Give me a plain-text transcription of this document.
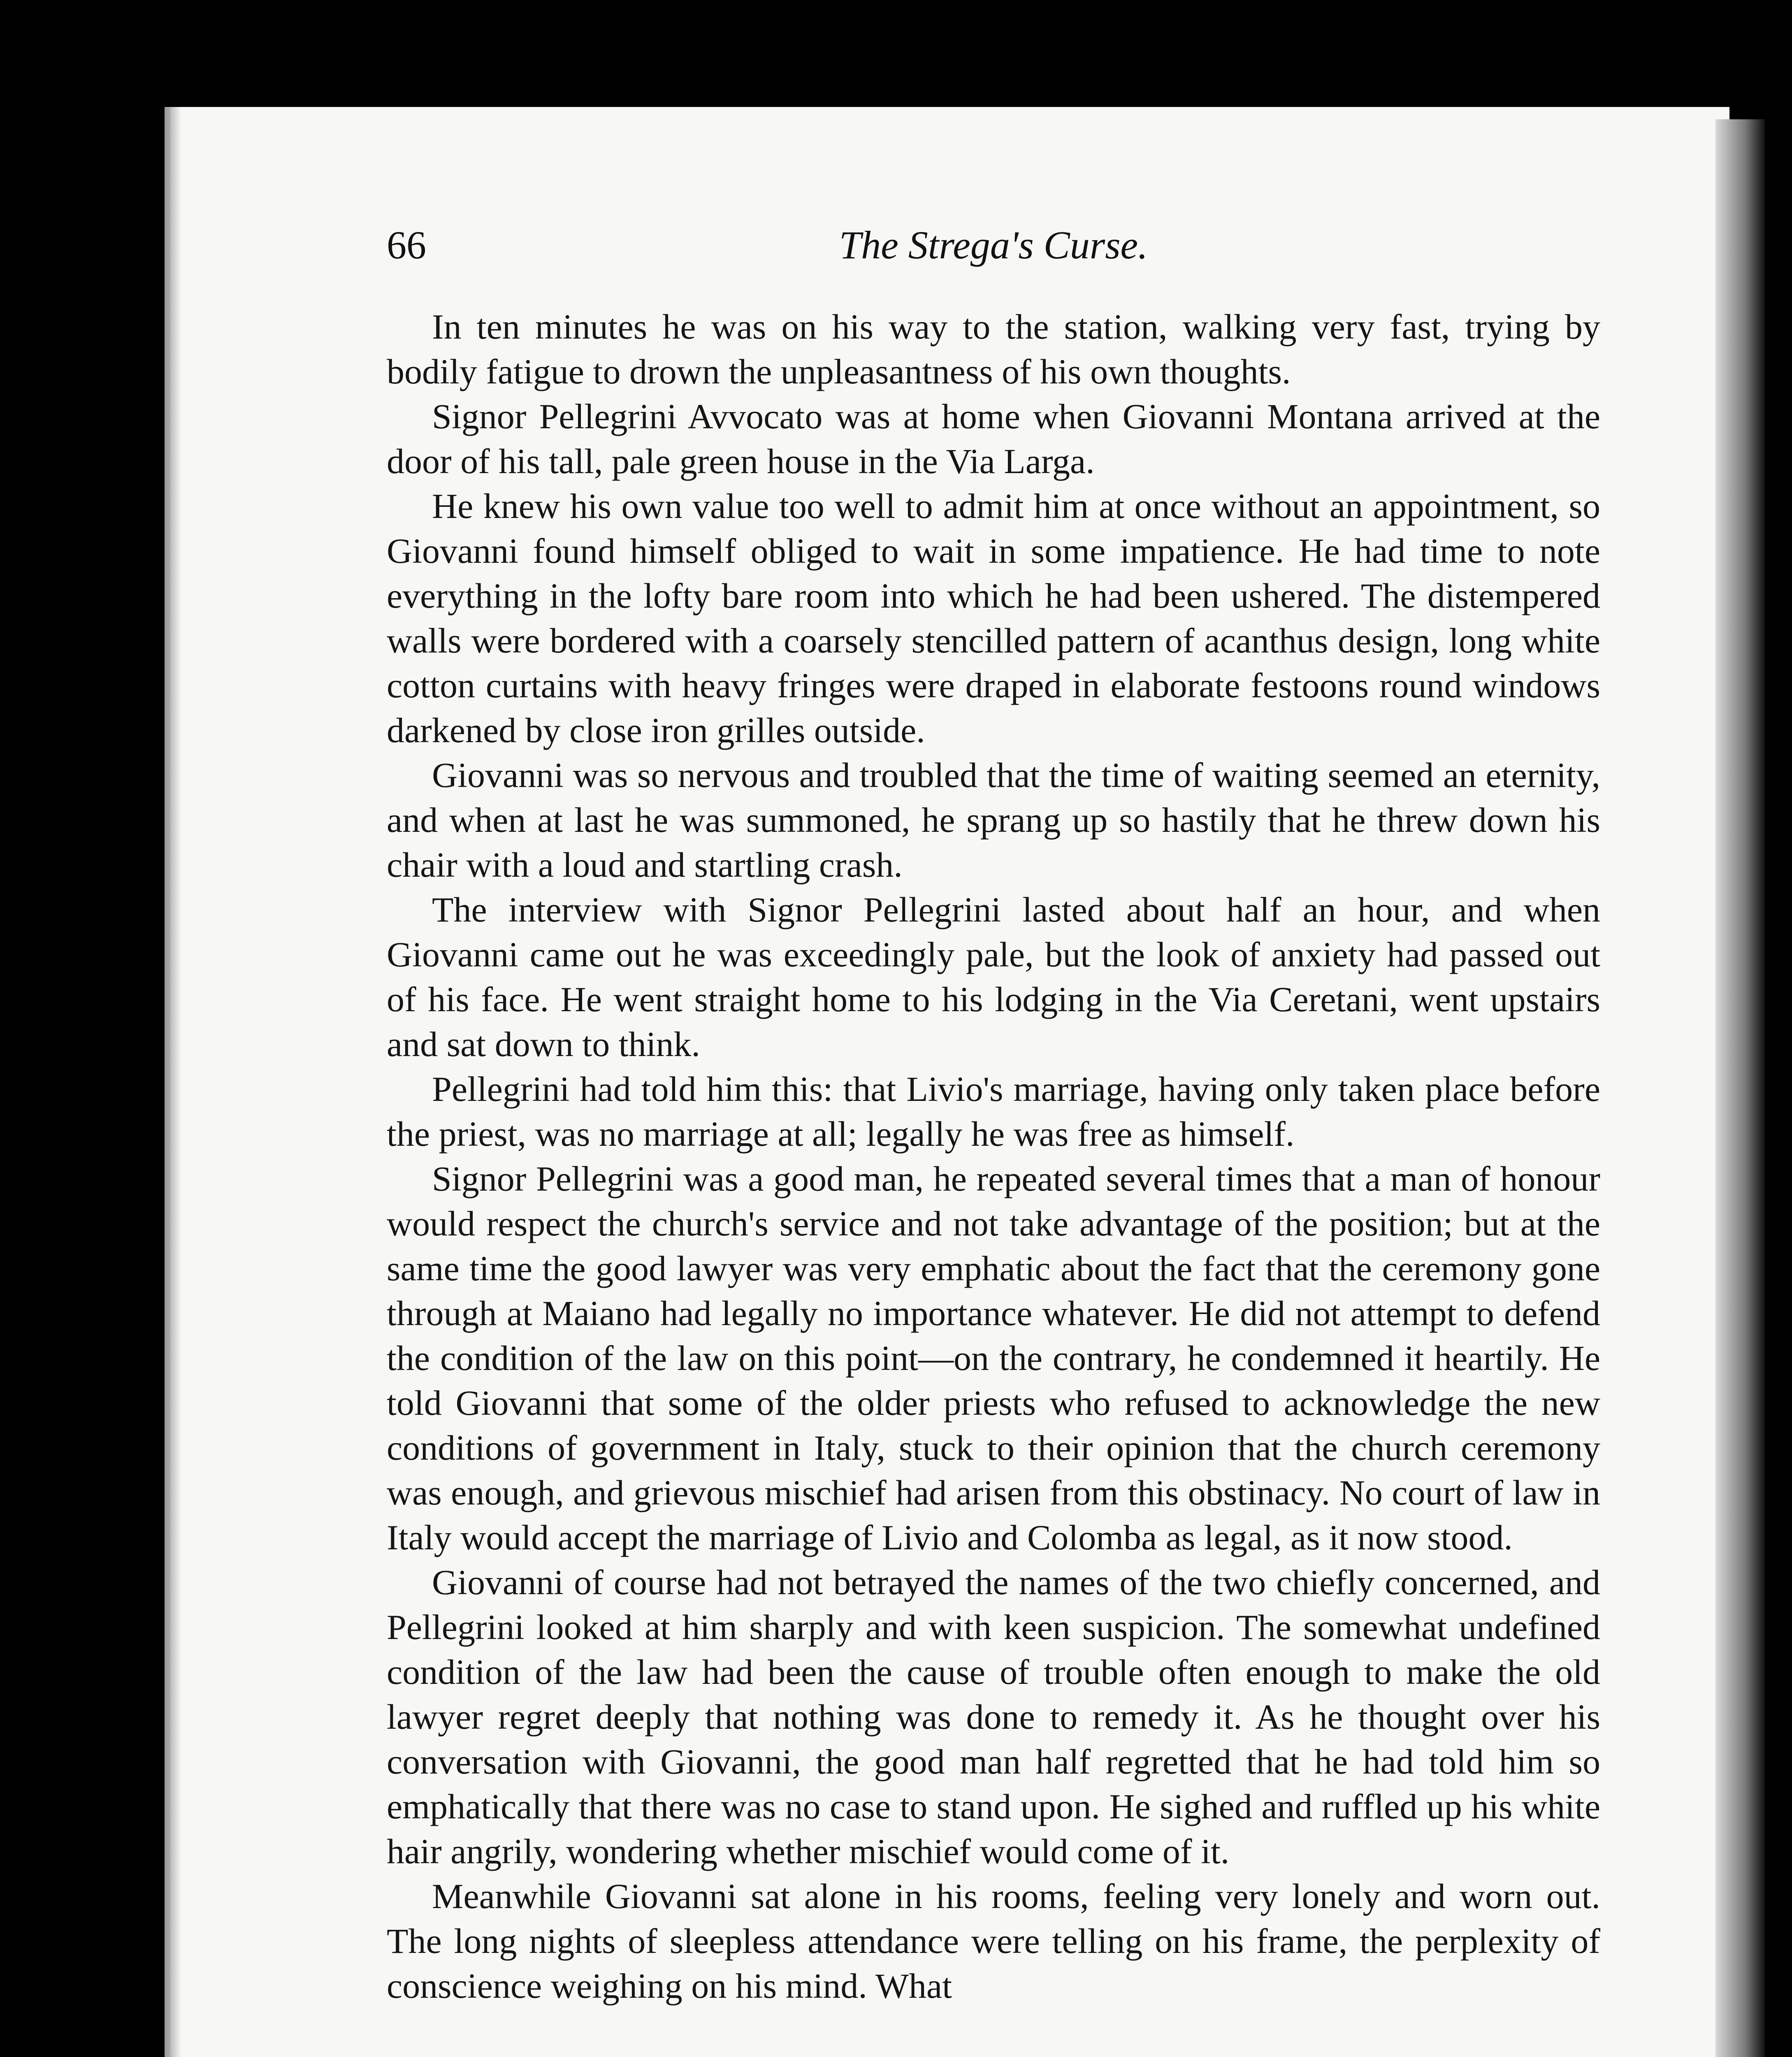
66	The Strega's Curse.

In ten minutes he was on his way to the station, walking very fast, trying by bodily fatigue to drown the unpleasantness of his own thoughts.

Signor Pellegrini Avvocato was at home when Giovanni Montana arrived at the door of his tall, pale green house in the Via Larga.

He knew his own value too well to admit him at once without an appointment, so Giovanni found himself obliged to wait in some impatience. He had time to note everything in the lofty bare room into which he had been ushered. The distempered walls were bordered with a coarsely stencilled pattern of acanthus design, long white cotton curtains with heavy fringes were draped in elaborate festoons round windows darkened by close iron grilles outside.

Giovanni was so nervous and troubled that the time of waiting seemed an eternity, and when at last he was summoned, he sprang up so hastily that he threw down his chair with a loud and startling crash.

The interview with Signor Pellegrini lasted about half an hour, and when Giovanni came out he was exceedingly pale, but the look of anxiety had passed out of his face. He went straight home to his lodging in the Via Ceretani, went upstairs and sat down to think.

Pellegrini had told him this: that Livio's marriage, having only taken place before the priest, was no marriage at all; legally he was free as himself.

Signor Pellegrini was a good man, he repeated several times that a man of honour would respect the church's service and not take advantage of the position; but at the same time the good lawyer was very emphatic about the fact that the ceremony gone through at Maiano had legally no importance whatever. He did not attempt to defend the condition of the law on this point—on the contrary, he condemned it heartily. He told Giovanni that some of the older priests who refused to acknowledge the new conditions of government in Italy, stuck to their opinion that the church ceremony was enough, and grievous mischief had arisen from this obstinacy. No court of law in Italy would accept the marriage of Livio and Colomba as legal, as it now stood.

Giovanni of course had not betrayed the names of the two chiefly concerned, and Pellegrini looked at him sharply and with keen suspicion. The somewhat undefined condition of the law had been the cause of trouble often enough to make the old lawyer regret deeply that nothing was done to remedy it. As he thought over his conversation with Giovanni, the good man half regretted that he had told him so emphatically that there was no case to stand upon. He sighed and ruffled up his white hair angrily, wondering whether mischief would come of it.

Meanwhile Giovanni sat alone in his rooms, feeling very lonely and worn out. The long nights of sleepless attendance were telling on his frame, the perplexity of conscience weighing on his mind. What
